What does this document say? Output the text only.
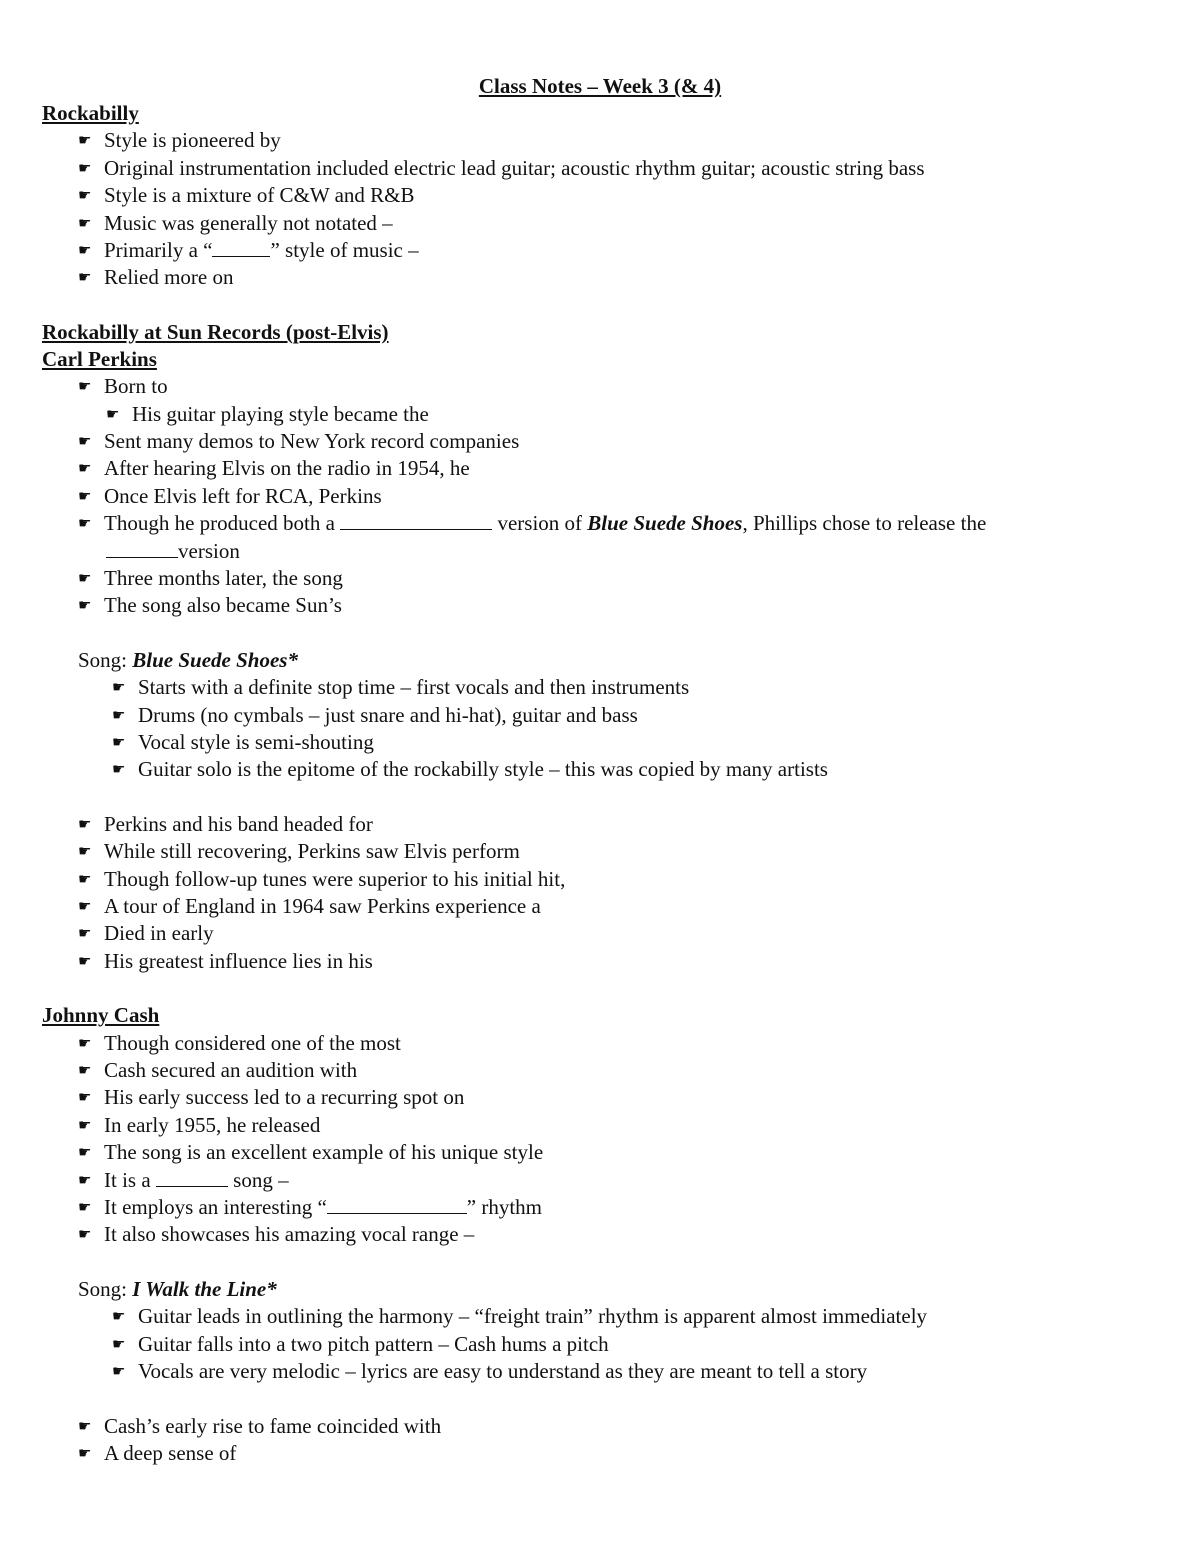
Class Notes – Week 3 (& 4)
Rockabilly
☛ Style is pioneered by
☛ Original instrumentation included electric lead guitar; acoustic rhythm guitar; acoustic string bass
☛ Style is a mixture of C&W and R&B
☛ Music was generally not notated –
☛ Primarily a “	” style of music –
☛ Relied more on
Rockabilly at Sun Records (post-Elvis)
Carl Perkins
☛ Born to
☛ His guitar playing style became the
☛ Sent many demos to New York record companies
☛ After hearing Elvis on the radio in 1954, he
☛ Once Elvis left for RCA, Perkins
☛ Though he produced both a	version of Blue Suede Shoes, Phillips chose to release the
version
☛ Three months later, the song
☛ The song also became Sun’s
Song: Blue Suede Shoes*
☛ Starts with a definite stop time – first vocals and then instruments
☛ Drums (no cymbals – just snare and hi-hat), guitar and bass
☛ Vocal style is semi-shouting
☛ Guitar solo is the epitome of the rockabilly style – this was copied by many artists
☛ Perkins and his band headed for
☛ While still recovering, Perkins saw Elvis perform
☛ Though follow-up tunes were superior to his initial hit,
☛ A tour of England in 1964 saw Perkins experience a
☛ Died in early
☛ His greatest influence lies in his
Johnny Cash
☛ Though considered one of the most
☛ Cash secured an audition with
☛ His early success led to a recurring spot on
☛ In early 1955, he released
☛ The song is an excellent example of his unique style
☛ It is a	song –
☛ It employs an interesting “	” rhythm
☛ It also showcases his amazing vocal range –
Song: I Walk the Line*
☛ Guitar leads in outlining the harmony – “freight train” rhythm is apparent almost immediately
☛ Guitar falls into a two pitch pattern – Cash hums a pitch
☛ Vocals are very melodic – lyrics are easy to understand as they are meant to tell a story
☛ Cash’s early rise to fame coincided with
☛ A deep sense of
